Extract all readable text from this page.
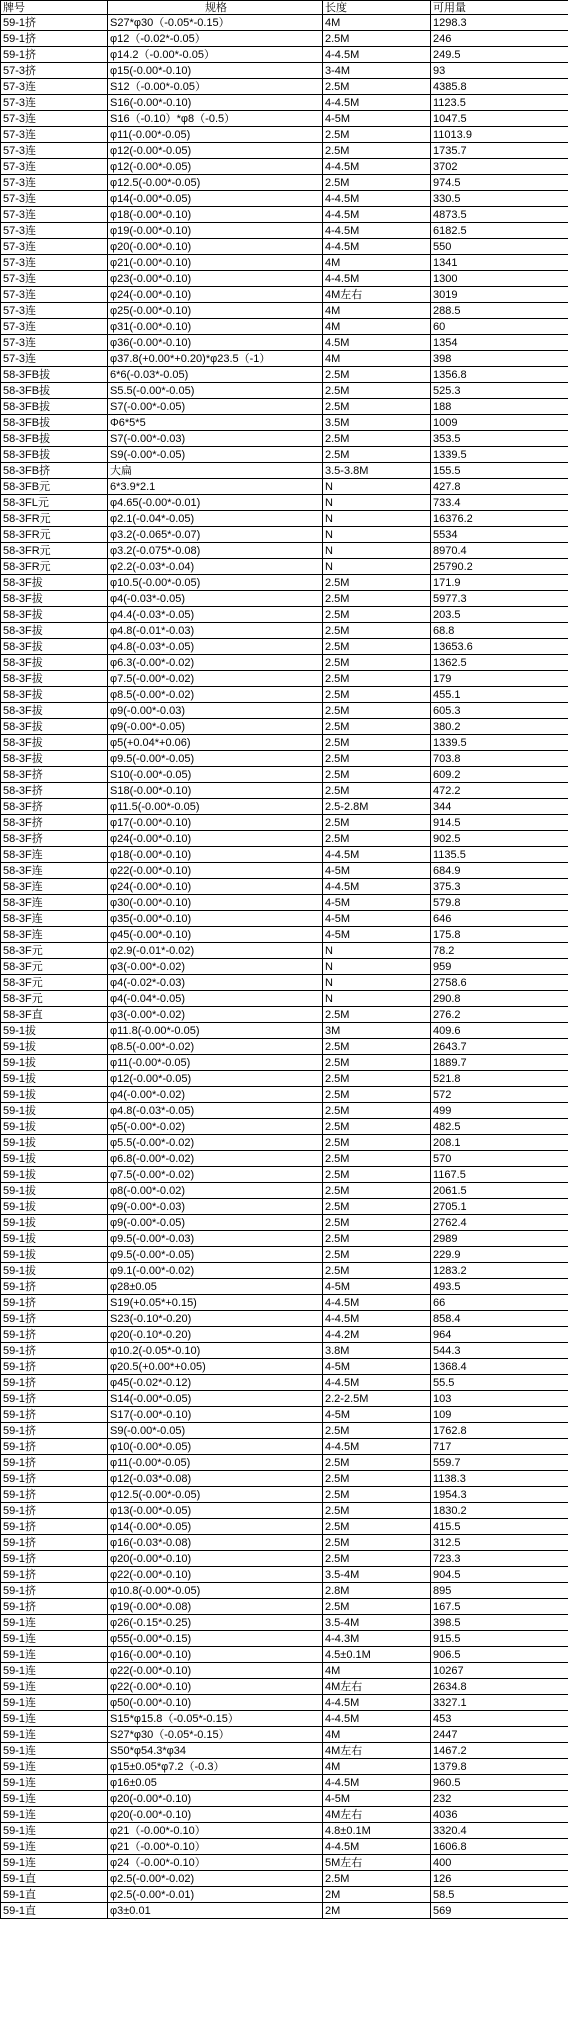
牌号	规格	长度	可用量
59-1挤	S27*φ30（-0.05*-0.15）	4M	1298.3
59-1挤	φ12（-0.02*-0.05）	2.5M	246
59-1挤	φ14.2（-0.00*-0.05）	4-4.5M	249.5
57-3挤	φ15(-0.00*-0.10)	3-4M	93
57-3连	S12（-0.00*-0.05）	2.5M	4385.8
57-3连	S16(-0.00*-0.10)	4-4.5M	1123.5
57-3连	S16（-0.10）*φ8（-0.5）	4-5M	1047.5
57-3连	φ11(-0.00*-0.05)	2.5M	11013.9
57-3连	φ12(-0.00*-0.05)	2.5M	1735.7
57-3连	φ12(-0.00*-0.05)	4-4.5M	3702
57-3连	φ12.5(-0.00*-0.05)	2.5M	974.5
57-3连	φ14(-0.00*-0.05)	4-4.5M	330.5
57-3连	φ18(-0.00*-0.10)	4-4.5M	4873.5
57-3连	φ19(-0.00*-0.10)	4-4.5M	6182.5
57-3连	φ20(-0.00*-0.10)	4-4.5M	550
57-3连	φ21(-0.00*-0.10)	4M	1341
57-3连	φ23(-0.00*-0.10)	4-4.5M	1300
57-3连	φ24(-0.00*-0.10)	4M左右	3019
57-3连	φ25(-0.00*-0.10)	4M	288.5
57-3连	φ31(-0.00*-0.10)	4M	60
57-3连	φ36(-0.00*-0.10)	4.5M	1354
57-3连	φ37.8(+0.00*+0.20)*φ23.5（-1）	4M	398
58-3FB拔	6*6(-0.03*-0.05)	2.5M	1356.8
58-3FB拔	S5.5(-0.00*-0.05)	2.5M	525.3
58-3FB拔	S7(-0.00*-0.05)	2.5M	188
58-3FB拔	Φ6*5*5	3.5M	1009
58-3FB拔	S7(-0.00*-0.03)	2.5M	353.5
58-3FB拔	S9(-0.00*-0.05)	2.5M	1339.5
58-3FB挤	大扁	3.5-3.8M	155.5
58-3FB元	6*3.9*2.1	N	427.8
58-3FL元	φ4.65(-0.00*-0.01)	N	733.4
58-3FR元	φ2.1(-0.04*-0.05)	N	16376.2
58-3FR元	φ3.2(-0.065*-0.07)	N	5534
58-3FR元	φ3.2(-0.075*-0.08)	N	8970.4
58-3FR元	φ2.2(-0.03*-0.04)	N	25790.2
58-3F拔	φ10.5(-0.00*-0.05)	2.5M	171.9
58-3F拔	φ4(-0.03*-0.05)	2.5M	5977.3
58-3F拔	φ4.4(-0.03*-0.05)	2.5M	203.5
58-3F拔	φ4.8(-0.01*-0.03)	2.5M	68.8
58-3F拔	φ4.8(-0.03*-0.05)	2.5M	13653.6
58-3F拔	φ6.3(-0.00*-0.02)	2.5M	1362.5
58-3F拔	φ7.5(-0.00*-0.02)	2.5M	179
58-3F拔	φ8.5(-0.00*-0.02)	2.5M	455.1
58-3F拔	φ9(-0.00*-0.03)	2.5M	605.3
58-3F拔	φ9(-0.00*-0.05)	2.5M	380.2
58-3F拔	φ5(+0.04*+0.06)	2.5M	1339.5
58-3F拔	φ9.5(-0.00*-0.05)	2.5M	703.8
58-3F挤	S10(-0.00*-0.05)	2.5M	609.2
58-3F挤	S18(-0.00*-0.10)	2.5M	472.2
58-3F挤	φ11.5(-0.00*-0.05)	2.5-2.8M	344
58-3F挤	φ17(-0.00*-0.10)	2.5M	914.5
58-3F挤	φ24(-0.00*-0.10)	2.5M	902.5
58-3F连	φ18(-0.00*-0.10)	4-4.5M	1135.5
58-3F连	φ22(-0.00*-0.10)	4-5M	684.9
58-3F连	φ24(-0.00*-0.10)	4-4.5M	375.3
58-3F连	φ30(-0.00*-0.10)	4-5M	579.8
58-3F连	φ35(-0.00*-0.10)	4-5M	646
58-3F连	φ45(-0.00*-0.10)	4-5M	175.8
58-3F元	φ2.9(-0.01*-0.02)	N	78.2
58-3F元	φ3(-0.00*-0.02)	N	959
58-3F元	φ4(-0.02*-0.03)	N	2758.6
58-3F元	φ4(-0.04*-0.05)	N	290.8
58-3F直	φ3(-0.00*-0.02)	2.5M	276.2
59-1拔	φ11.8(-0.00*-0.05)	3M	409.6
59-1拔	φ8.5(-0.00*-0.02)	2.5M	2643.7
59-1拔	φ11(-0.00*-0.05)	2.5M	1889.7
59-1拔	φ12(-0.00*-0.05)	2.5M	521.8
59-1拔	φ4(-0.00*-0.02)	2.5M	572
59-1拔	φ4.8(-0.03*-0.05)	2.5M	499
59-1拔	φ5(-0.00*-0.02)	2.5M	482.5
59-1拔	φ5.5(-0.00*-0.02)	2.5M	208.1
59-1拔	φ6.8(-0.00*-0.02)	2.5M	570
59-1拔	φ7.5(-0.00*-0.02)	2.5M	1167.5
59-1拔	φ8(-0.00*-0.02)	2.5M	2061.5
59-1拔	φ9(-0.00*-0.03)	2.5M	2705.1
59-1拔	φ9(-0.00*-0.05)	2.5M	2762.4
59-1拔	φ9.5(-0.00*-0.03)	2.5M	2989
59-1拔	φ9.5(-0.00*-0.05)	2.5M	229.9
59-1拔	φ9.1(-0.00*-0.02)	2.5M	1283.2
59-1挤	φ28±0.05	4-5M	493.5
59-1挤	S19(+0.05*+0.15)	4-4.5M	66
59-1挤	S23(-0.10*-0.20)	4-4.5M	858.4
59-1挤	φ20(-0.10*-0.20)	4-4.2M	964
59-1挤	φ10.2(-0.05*-0.10)	3.8M	544.3
59-1挤	φ20.5(+0.00*+0.05)	4-5M	1368.4
59-1挤	φ45(-0.02*-0.12)	4-4.5M	55.5
59-1挤	S14(-0.00*-0.05)	2.2-2.5M	103
59-1挤	S17(-0.00*-0.10)	4-5M	109
59-1挤	S9(-0.00*-0.05)	2.5M	1762.8
59-1挤	φ10(-0.00*-0.05)	4-4.5M	717
59-1挤	φ11(-0.00*-0.05)	2.5M	559.7
59-1挤	φ12(-0.03*-0.08)	2.5M	1138.3
59-1挤	φ12.5(-0.00*-0.05)	2.5M	1954.3
59-1挤	φ13(-0.00*-0.05)	2.5M	1830.2
59-1挤	φ14(-0.00*-0.05)	2.5M	415.5
59-1挤	φ16(-0.03*-0.08)	2.5M	312.5
59-1挤	φ20(-0.00*-0.10)	2.5M	723.3
59-1挤	φ22(-0.00*-0.10)	3.5-4M	904.5
59-1挤	φ10.8(-0.00*-0.05)	2.8M	895
59-1挤	φ19(-0.00*-0.08)	2.5M	167.5
59-1连	φ26(-0.15*-0.25)	3.5-4M	398.5
59-1连	φ55(-0.00*-0.15)	4-4.3M	915.5
59-1连	φ16(-0.00*-0.10)	4.5±0.1M	906.5
59-1连	φ22(-0.00*-0.10)	4M	10267
59-1连	φ22(-0.00*-0.10)	4M左右	2634.8
59-1连	φ50(-0.00*-0.10)	4-4.5M	3327.1
59-1连	S15*φ15.8（-0.05*-0.15）	4-4.5M	453
59-1连	S27*φ30（-0.05*-0.15）	4M	2447
59-1连	S50*φ54.3*φ34	4M左右	1467.2
59-1连	φ15±0.05*φ7.2（-0.3）	4M	1379.8
59-1连	φ16±0.05	4-4.5M	960.5
59-1连	φ20(-0.00*-0.10)	4-5M	232
59-1连	φ20(-0.00*-0.10)	4M左右	4036
59-1连	φ21（-0.00*-0.10）	4.8±0.1M	3320.4
59-1连	φ21（-0.00*-0.10）	4-4.5M	1606.8
59-1连	φ24（-0.00*-0.10）	5M左右	400
59-1直	φ2.5(-0.00*-0.02)	2.5M	126
59-1直	φ2.5(-0.00*-0.01)	2M	58.5
59-1直	φ3±0.01	2M	569
